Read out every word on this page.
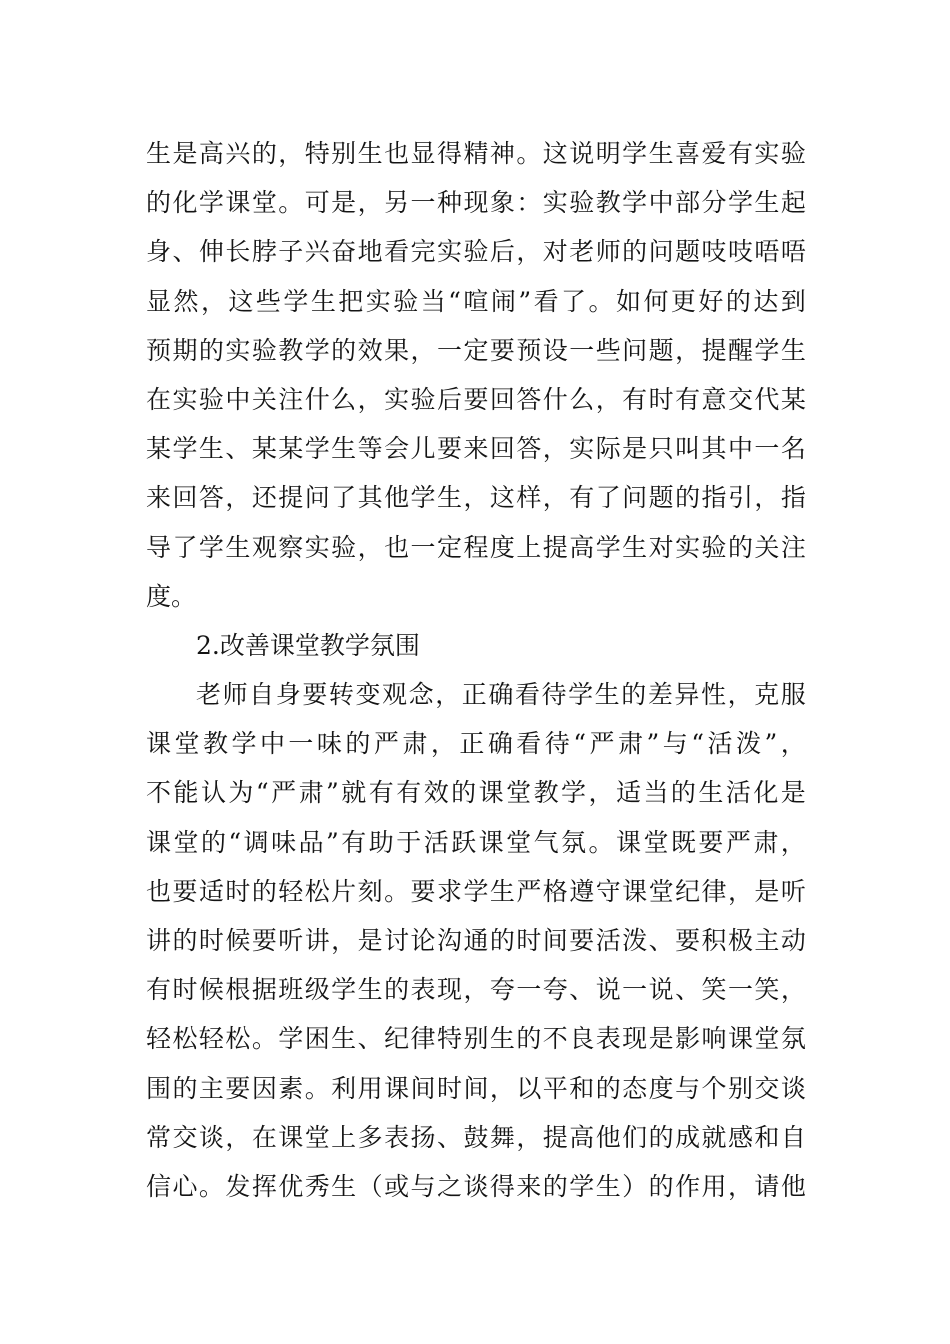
生 是 高 兴 的 ， 特 别 生 也 显 得 精 神 。 这 说 明 学 生 喜 爱 有 实 验
的 化 学 课 堂 。 可 是 ， 另 一 种 现 象 ： 实 验 教 学 中 部 分 学 生 起
身 、 伸 长 脖 子 兴 奋 地 看 完 实 验 后 ， 对 老 师 的 问 题 吱 吱 唔 唔
显 然 ， 这 些 学 生 把 实 验 当 “ 喧 闹 ” 看 了 。 如 何 更 好 的 达 到
预 期 的 实 验 教 学 的 效 果 ， 一 定 要 预 设 一 些 问 题 ， 提 醒 学 生
在 实 验 中 关 注 什 么 ， 实 验 后 要 回 答 什 么 ， 有 时 有 意 交 代 某
某 学 生 、 某 某 学 生 等 会 儿 要 来 回 答 ， 实 际 是 只 叫 其 中 一 名
来 回 答 ， 还 提 问 了 其 他 学 生 ， 这 样 ， 有 了 问 题 的 指 引 ， 指
导 了 学 生 观 察 实 验 ， 也 一 定 程 度 上 提 高 学 生 对 实 验 的 关 注
度。
2.改善课堂教学氛围
老 师 自 身 要 转 变 观 念 ， 正 确 看 待 学 生 的 差 异 性 ， 克 服
课 堂 教 学 中 一 味 的 严 肃 ， 正 确 看 待 “ 严 肃 ” 与 “ 活 泼 ” ，
不 能 认 为 “ 严 肃 ” 就 有 有 效 的 课 堂 教 学 ， 适 当 的 生 活 化 是
课 堂 的 “ 调 味 品 ” 有 助 于 活 跃 课 堂 气 氛 。 课 堂 既 要 严 肃 ，
也 要 适 时 的 轻 松 片 刻 。 要 求 学 生 严 格 遵 守 课 堂 纪 律 ， 是 听
讲 的 时 候 要 听 讲 ， 是 讨 论 沟 通 的 时 间 要 活 泼 、 要 积 极 主 动
有 时 候 根 据 班 级 学 生 的 表 现 ， 夸 一 夸 、 说 一 说 、 笑 一 笑 ，
轻 松 轻 松 。 学 困 生 、 纪 律 特 别 生 的 不 良 表 现 是 影 响 课 堂 氛
围 的 主 要 因 素 。 利 用 课 间 时 间 ， 以 平 和 的 态 度 与 个 别 交 谈
常 交 谈 ， 在 课 堂 上 多 表 扬 、 鼓 舞 ， 提 高 他 们 的 成 就 感 和 自
信 心 。 发 挥 优 秀 生 （ 或 与 之 谈 得 来 的 学 生 ） 的 作 用 ， 请 他
